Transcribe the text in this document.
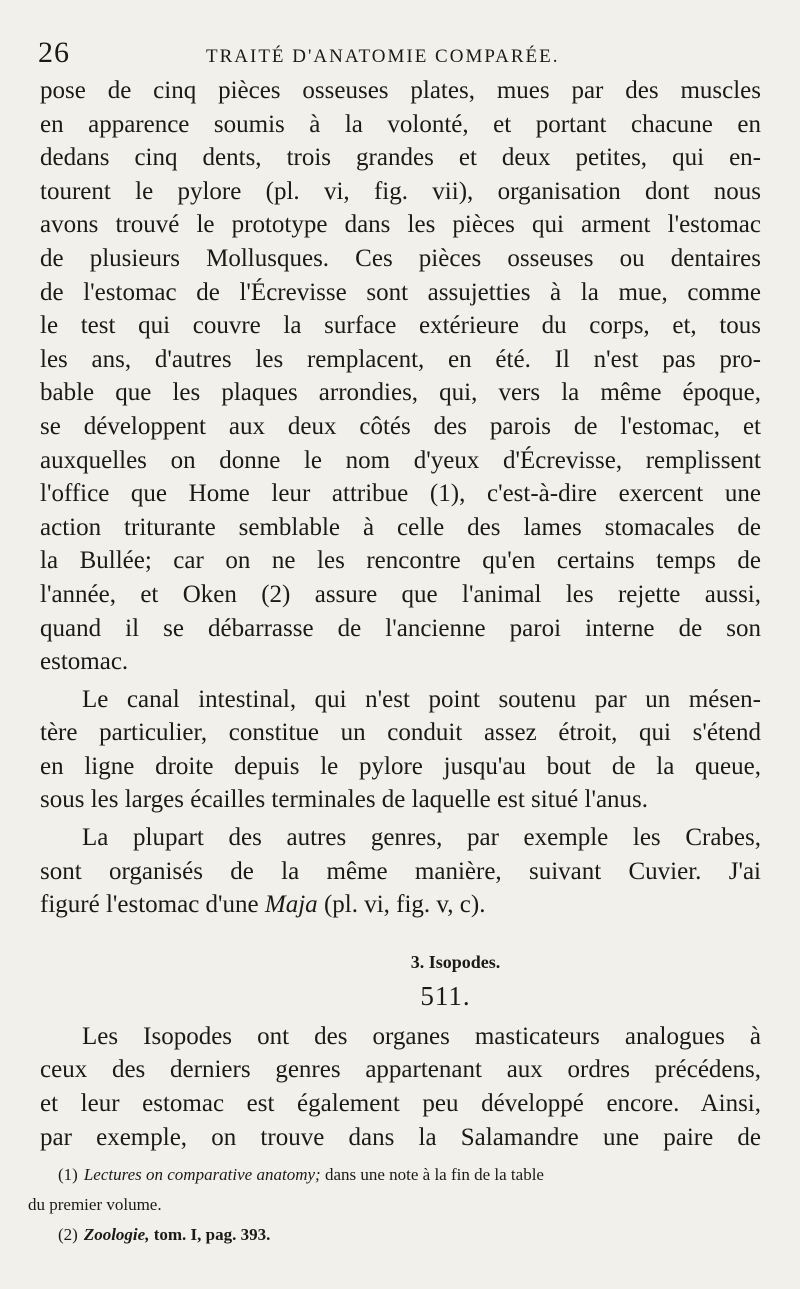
26	TRAITÉ D'ANATOMIE COMPARÉE.
pose de cinq pièces osseuses plates, mues par des muscles
en apparence soumis à la volonté, et portant chacune en
dedans cinq dents, trois grandes et deux petites, qui en-
tourent le pylore (pl. vi, fig. vii), organisation dont nous
avons trouvé le prototype dans les pièces qui arment l'estomac
de plusieurs Mollusques. Ces pièces osseuses ou dentaires
de l'estomac de l'Écrevisse sont assujetties à la mue, comme
le test qui couvre la surface extérieure du corps, et, tous
les ans, d'autres les remplacent, en été. Il n'est pas pro-
bable que les plaques arrondies, qui, vers la même époque,
se développent aux deux côtés des parois de l'estomac, et
auxquelles on donne le nom d'yeux d'Écrevisse, remplissent
l'office que Home leur attribue (1), c'est-à-dire exercent une
action triturante semblable à celle des lames stomacales de
la Bullée; car on ne les rencontre qu'en certains temps de
l'année, et Oken (2) assure que l'animal les rejette aussi,
quand il se débarrasse de l'ancienne paroi interne de son
estomac.
Le canal intestinal, qui n'est point soutenu par un mésen-
tère particulier, constitue un conduit assez étroit, qui s'étend
en ligne droite depuis le pylore jusqu'au bout de la queue,
sous les larges écailles terminales de laquelle est situé l'anus.
La plupart des autres genres, par exemple les Crabes,
sont organisés de la même manière, suivant Cuvier. J'ai
figuré l'estomac d'une Maja (pl. vi, fig. v, c).
3. Isopodes.
511.
Les Isopodes ont des organes masticateurs analogues à
ceux des derniers genres appartenant aux ordres précédens,
et leur estomac est également peu développé encore. Ainsi,
par exemple, on trouve dans la Salamandre une paire de
(1) Lectures on comparative anatomy; dans une note à la fin de la table
du premier volume.
(2) Zoologie, tom. I, pag. 393.
